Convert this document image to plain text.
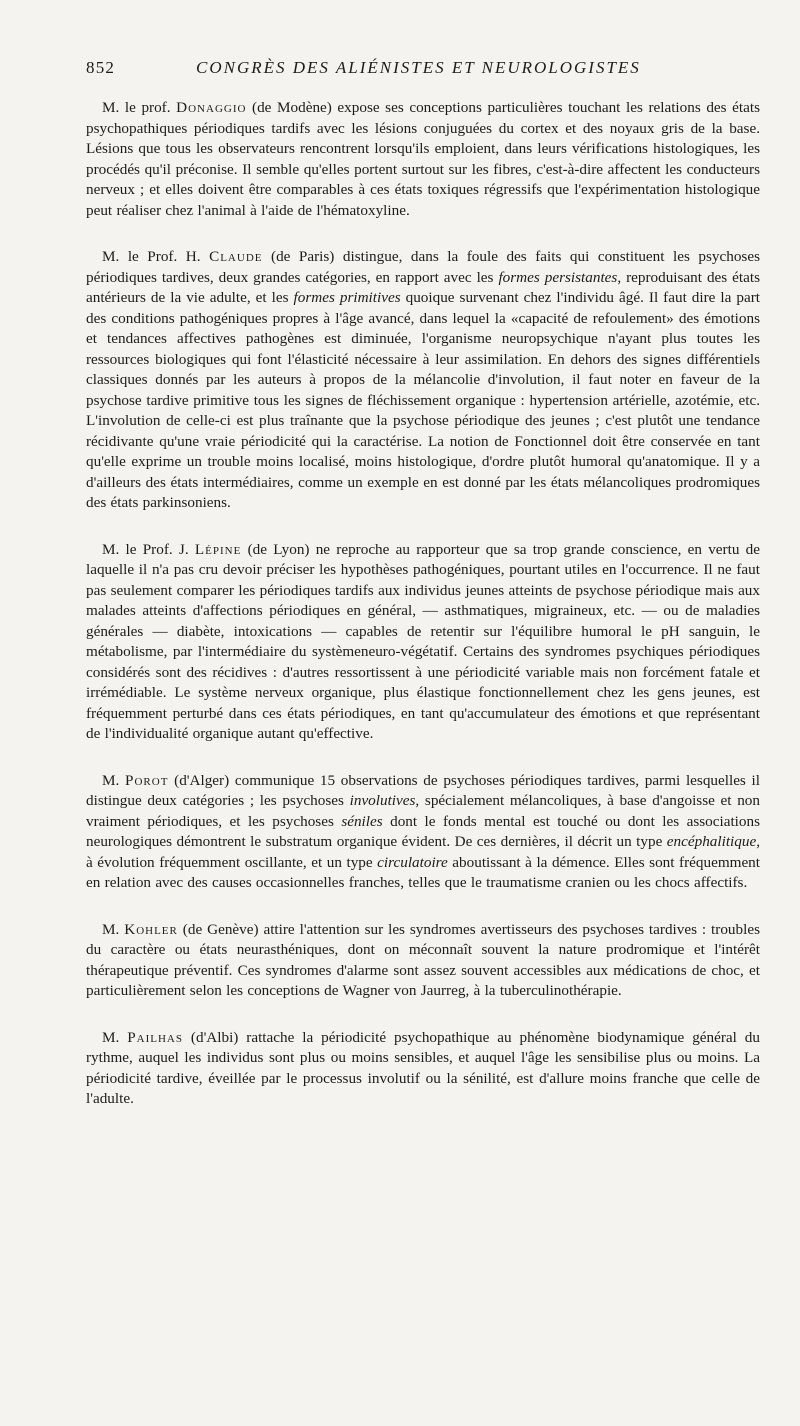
852	CONGRÈS DES ALIÉNISTES ET NEUROLOGISTES

M. le prof. Donaggio (de Modène) expose ses conceptions particulières touchant les relations des états psychopathiques périodiques tardifs avec les lésions conjuguées du cortex et des noyaux gris de la base. Lésions que tous les observateurs rencontrent lorsqu'ils emploient, dans leurs vérifications histologiques, les procédés qu'il préconise. Il semble qu'elles portent surtout sur les fibres, c'est-à-dire affectent les conducteurs nerveux ; et elles doivent être comparables à ces états toxiques régressifs que l'expérimentation histologique peut réaliser chez l'animal à l'aide de l'hématoxyline.

M. le Prof. H. Claude (de Paris) distingue, dans la foule des faits qui constituent les psychoses périodiques tardives, deux grandes catégories, en rapport avec les formes persistantes, reproduisant des états antérieurs de la vie adulte, et les formes primitives quoique survenant chez l'individu âgé. Il faut dire la part des conditions pathogéniques propres à l'âge avancé, dans lequel la «capacité de refoulement» des émotions et tendances affectives pathogènes est diminuée, l'organisme neuropsychique n'ayant plus toutes les ressources biologiques qui font l'élasticité nécessaire à leur assimilation. En dehors des signes différentiels classiques donnés par les auteurs à propos de la mélancolie d'involution, il faut noter en faveur de la psychose tardive primitive tous les signes de fléchissement organique : hypertension artérielle, azotémie, etc. L'involution de celle-ci est plus traînante que la psychose périodique des jeunes ; c'est plutôt une tendance récidivante qu'une vraie périodicité qui la caractérise. La notion de Fonctionnel doit être conservée en tant qu'elle exprime un trouble moins localisé, moins histologique, d'ordre plutôt humoral qu'anatomique. Il y a d'ailleurs des états intermédiaires, comme un exemple en est donné par les états mélancoliques prodromiques des états parkinsoniens.

M. le Prof. J. Lépine (de Lyon) ne reproche au rapporteur que sa trop grande conscience, en vertu de laquelle il n'a pas cru devoir préciser les hypothèses pathogéniques, pourtant utiles en l'occurrence. Il ne faut pas seulement comparer les périodiques tardifs aux individus jeunes atteints de psychose périodique mais aux malades atteints d'affections périodiques en général, — asthmatiques, migraineux, etc. — ou de maladies générales — diabète, intoxications — capables de retentir sur l'équilibre humoral le pH sanguin, le métabolisme, par l'intermédiaire du systèmeneuro-végétatif. Certains des syndromes psychiques périodiques considérés sont des récidives : d'autres ressortissent à une périodicité variable mais non forcément fatale et irrémédiable. Le système nerveux organique, plus élastique fonctionnellement chez les gens jeunes, est fréquemment perturbé dans ces états périodiques, en tant qu'accumulateur des émotions et que représentant de l'individualité organique autant qu'effective.

M. Porot (d'Alger) communique 15 observations de psychoses périodiques tardives, parmi lesquelles il distingue deux catégories ; les psychoses involutives, spécialement mélancoliques, à base d'angoisse et non vraiment périodiques, et les psychoses séniles dont le fonds mental est touché ou dont les associations neurologiques démontrent le substratum organique évident. De ces dernières, il décrit un type encéphalitique, à évolution fréquemment oscillante, et un type circulatoire aboutissant à la démence. Elles sont fréquemment en relation avec des causes occasionnelles franches, telles que le traumatisme cranien ou les chocs affectifs.

M. Kohler (de Genève) attire l'attention sur les syndromes avertisseurs des psychoses tardives : troubles du caractère ou états neurasthéniques, dont on méconnaît souvent la nature prodromique et l'intérêt thérapeutique préventif. Ces syndromes d'alarme sont assez souvent accessibles aux médications de choc, et particulièrement selon les conceptions de Wagner von Jaurreg, à la tuberculinothérapie.

M. Pailhas (d'Albi) rattache la périodicité psychopathique au phénomène biodynamique général du rythme, auquel les individus sont plus ou moins sensibles, et auquel l'âge les sensibilise plus ou moins. La périodicité tardive, éveillée par le processus involutif ou la sénilité, est d'allure moins franche que celle de l'adulte.
